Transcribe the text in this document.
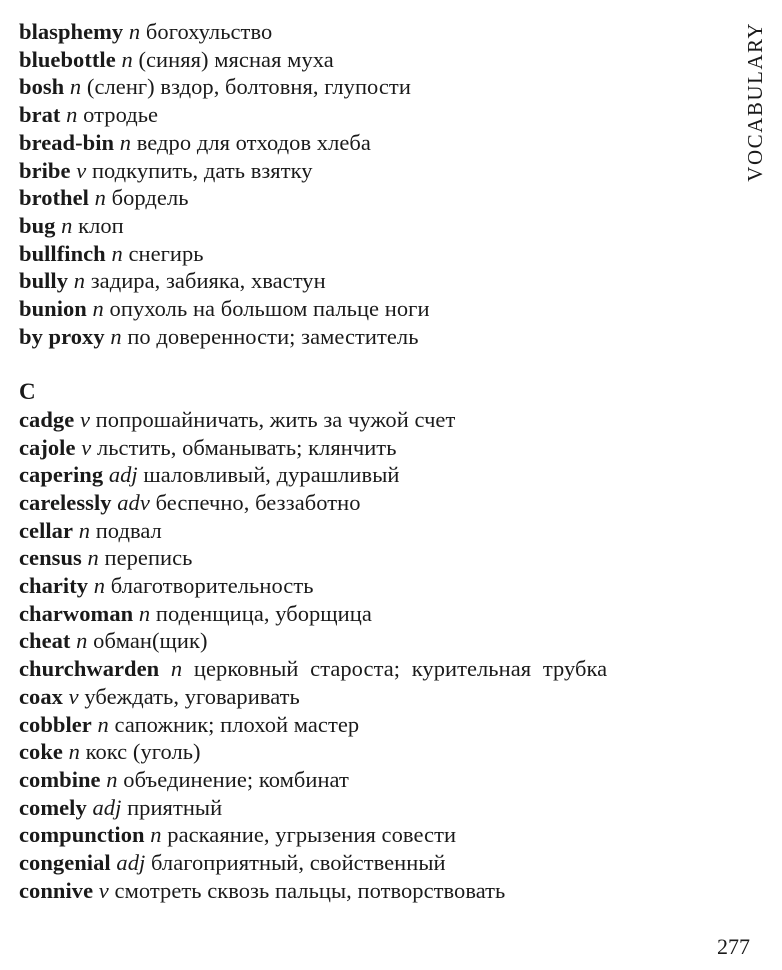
blasphemy n богохульство
bluebottle n (синяя) мясная муха
bosh n (сленг) вздор, болтовня, глупости
brat n отродье
bread-bin n ведро для отходов хлеба
bribe v подкупить, дать взятку
brothel n бордель
bug n клоп
bullfinch n снегирь
bully n задира, забияка, хвастун
bunion n опухоль на большом пальце ноги
by proxy n по доверенности; заместитель
C
cadge v попрошайничать, жить за чужой счет
cajole v льстить, обманывать; клянчить
capering adj шаловливый, дурашливый
carelessly adv беспечно, беззаботно
cellar n подвал
census n перепись
charity n благотворительность
charwoman n поденщица, уборщица
cheat n обман(щик)
churchwarden n церковный староста; курительная трубка
coax v убеждать, уговаривать
cobbler n сапожник; плохой мастер
coke n кокс (уголь)
combine n объединение; комбинат
comely adj приятный
compunction n раскаяние, угрызения совести
congenial adj благоприятный, свойственный
connive v смотреть сквозь пальцы, потворствовать
VOCABULARY
277
